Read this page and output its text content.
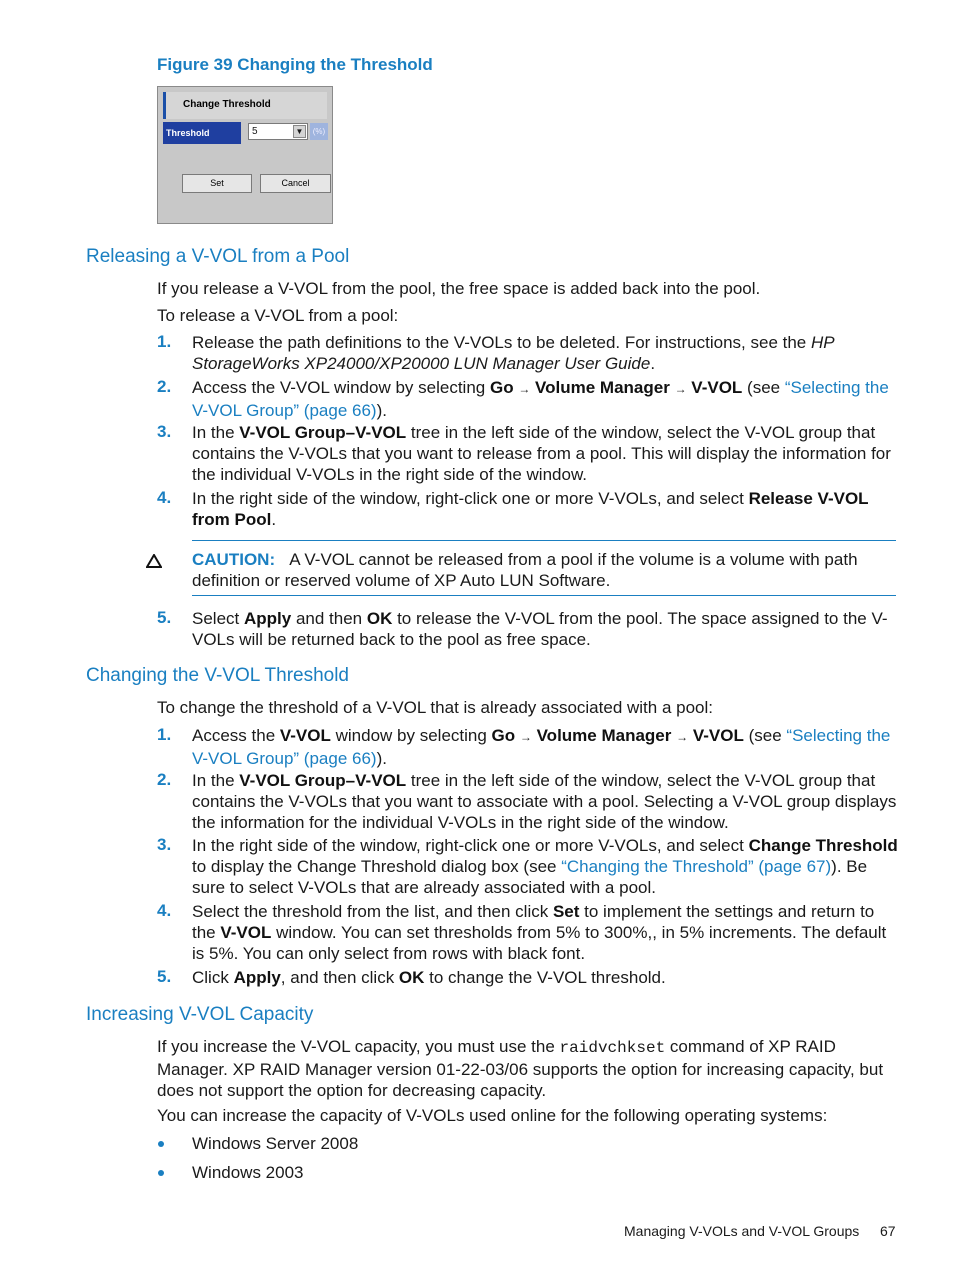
Figure 39 Changing the Threshold
Change Threshold
Threshold	5	▼	(%)
Set	Cancel
Releasing a V-VOL from a Pool
If you release a V-VOL from the pool, the free space is added back into the pool.
To release a V-VOL from a pool:
1. Release the path definitions to the V-VOLs to be deleted. For instructions, see the HP StorageWorks XP24000/XP20000 LUN Manager User Guide.
2. Access the V-VOL window by selecting Go → Volume Manager → V-VOL (see “Selecting the V-VOL Group” (page 66)).
3. In the V-VOL Group–V-VOL tree in the left side of the window, select the V-VOL group that contains the V-VOLs that you want to release from a pool. This will display the information for the individual V-VOLs in the right side of the window.
4. In the right side of the window, right-click one or more V-VOLs, and select Release V-VOL from Pool.
CAUTION: A V-VOL cannot be released from a pool if the volume is a volume with path definition or reserved volume of XP Auto LUN Software.
5. Select Apply and then OK to release the V-VOL from the pool. The space assigned to the V-VOLs will be returned back to the pool as free space.
Changing the V-VOL Threshold
To change the threshold of a V-VOL that is already associated with a pool:
1. Access the V-VOL window by selecting Go → Volume Manager → V-VOL (see “Selecting the V-VOL Group” (page 66)).
2. In the V-VOL Group–V-VOL tree in the left side of the window, select the V-VOL group that contains the V-VOLs that you want to associate with a pool. Selecting a V-VOL group displays the information for the individual V-VOLs in the right side of the window.
3. In the right side of the window, right-click one or more V-VOLs, and select Change Threshold to display the Change Threshold dialog box (see “Changing the Threshold” (page 67)). Be sure to select V-VOLs that are already associated with a pool.
4. Select the threshold from the list, and then click Set to implement the settings and return to the V-VOL window. You can set thresholds from 5% to 300%,, in 5% increments. The default is 5%. You can only select from rows with black font.
5. Click Apply, and then click OK to change the V-VOL threshold.
Increasing V-VOL Capacity
If you increase the V-VOL capacity, you must use the raidvchkset command of XP RAID Manager. XP RAID Manager version 01-22-03/06 supports the option for increasing capacity, but does not support the option for decreasing capacity.
You can increase the capacity of V-VOLs used online for the following operating systems:
Windows Server 2008
Windows 2003
Managing V-VOLs and V-VOL Groups 67
